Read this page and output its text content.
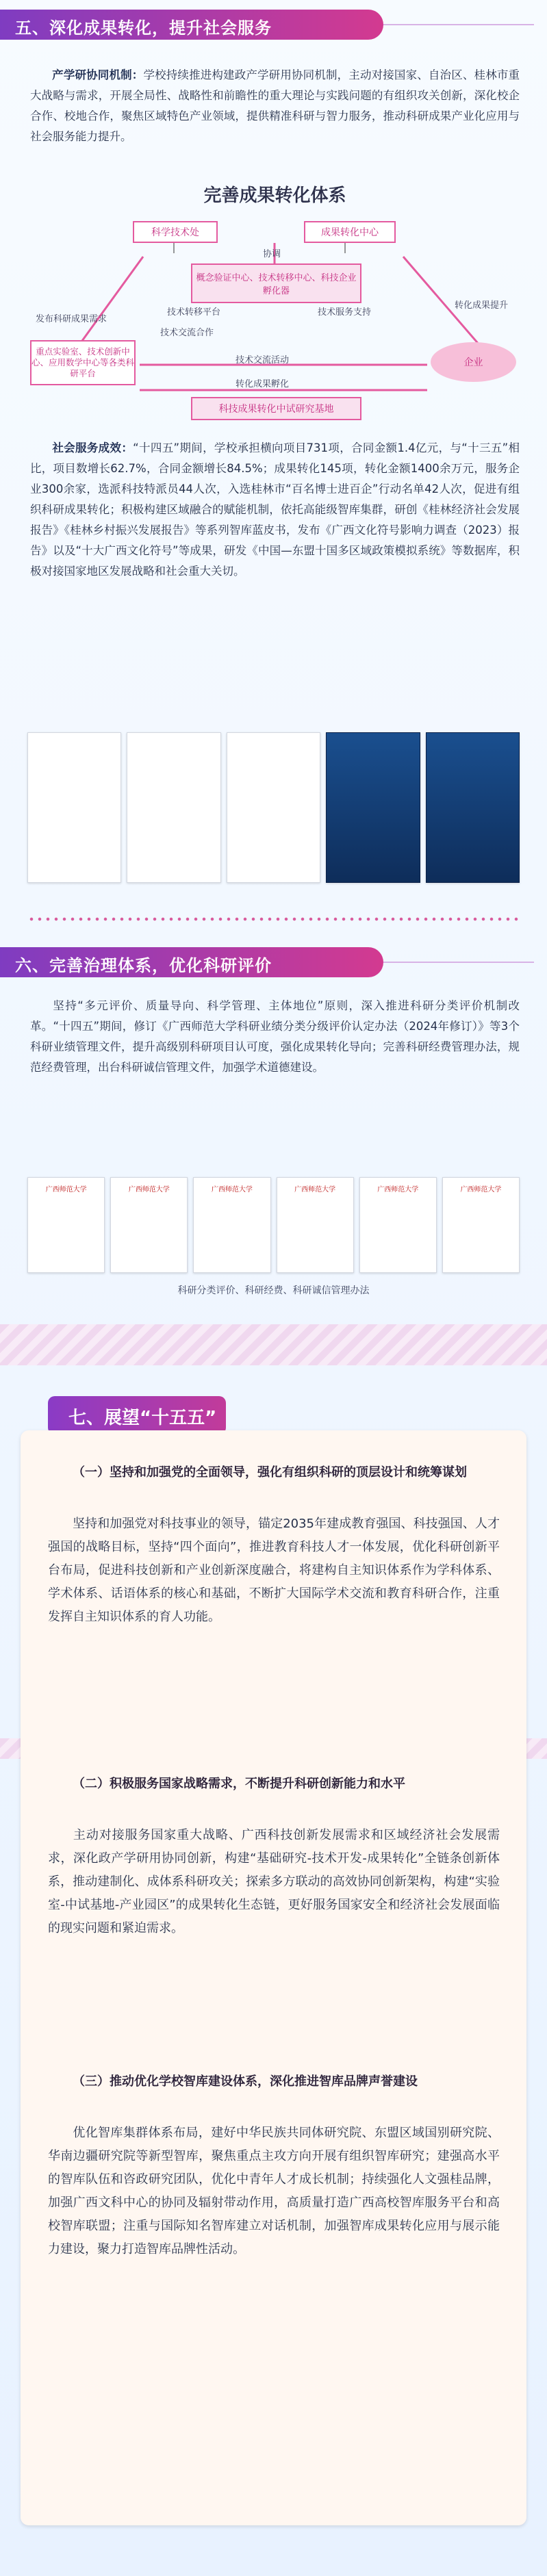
五、深化成果转化，提升社会服务
产学研协同机制：学校持续推进构建政产学研用协同机制，主动对接国家、自治区、桂林市重大战略与需求，开展全局性、战略性和前瞻性的重大理论与实践问题的有组织攻关创新，深化校企合作、校地合作，聚焦区域特色产业领域，提供精准科研与智力服务，推动科研成果产业化应用与社会服务能力提升。
完善成果转化体系
科学技术处	成果转化中心
协调
概念验证中心、技术转移中心、科技企业孵化器
发布科研成果需求
技术转移平台	技术服务支持
转化成果提升
技术交流合作
重点实验室、技术创新中心、应用数学中心等各类科研平台
企业
技术交流活动
转化成果孵化
科技成果转化中试研究基地
社会服务成效：“十四五”期间，学校承担横向项目731项，合同金额1.4亿元，与“十三五”相比，项目数增长62.7%，合同金额增长84.5%；成果转化145项，转化金额1400余万元，服务企业300余家，选派科技特派员44人次，入选桂林市“百名博士进百企”行动名单42人次，促进有组织科研成果转化；积极构建区域融合的赋能机制，依托高能级智库集群，研创《桂林经济社会发展报告》《桂林乡村振兴发展报告》等系列智库蓝皮书，发布《广西文化符号影响力调查（2023）报告》以及“十大广西文化符号”等成果，研发《中国—东盟十国多区域政策模拟系统》等数据库，积极对接国家地区发展战略和社会重大关切。
六、完善治理体系，优化科研评价
坚持“多元评价、质量导向、科学管理、主体地位”原则，深入推进科研分类评价机制改革。“十四五”期间，修订《广西师范大学科研业绩分类分级评价认定办法（2024年修订）》等3个科研业绩管理文件，提升高级别科研项目认可度，强化成果转化导向；完善科研经费管理办法，规范经费管理，出台科研诚信管理文件，加强学术道德建设。
广西师范大学	广西师范大学	广西师范大学	广西师范大学	广西师范大学	广西师范大学
科研分类评价、科研经费、科研诚信管理办法
七、展望“十五五”
（一）坚持和加强党的全面领导，强化有组织科研的顶层设计和统筹谋划
坚持和加强党对科技事业的领导，锚定2035年建成教育强国、科技强国、人才强国的战略目标，坚持“四个面向”，推进教育科技人才一体发展，优化科研创新平台布局，促进科技创新和产业创新深度融合，将建构自主知识体系作为学科体系、学术体系、话语体系的核心和基础，不断扩大国际学术交流和教育科研合作，注重发挥自主知识体系的育人功能。
（二）积极服务国家战略需求，不断提升科研创新能力和水平
主动对接服务国家重大战略、广西科技创新发展需求和区域经济社会发展需求，深化政产学研用协同创新，构建“基础研究-技术开发-成果转化”全链条创新体系，推动建制化、成体系科研攻关；探索多方联动的高效协同创新架构，构建“实验室-中试基地-产业园区”的成果转化生态链，更好服务国家安全和经济社会发展面临的现实问题和紧迫需求。
（三）推动优化学校智库建设体系，深化推进智库品牌声誉建设
优化智库集群体系布局，建好中华民族共同体研究院、东盟区域国别研究院、华南边疆研究院等新型智库，聚焦重点主攻方向开展有组织智库研究；建强高水平的智库队伍和咨政研究团队，优化中青年人才成长机制；持续强化人文强桂品牌，加强广西文科中心的协同及辐射带动作用，高质量打造广西高校智库服务平台和高校智库联盟；注重与国际知名智库建立对话机制，加强智库成果转化应用与展示能力建设，聚力打造智库品牌性活动。
